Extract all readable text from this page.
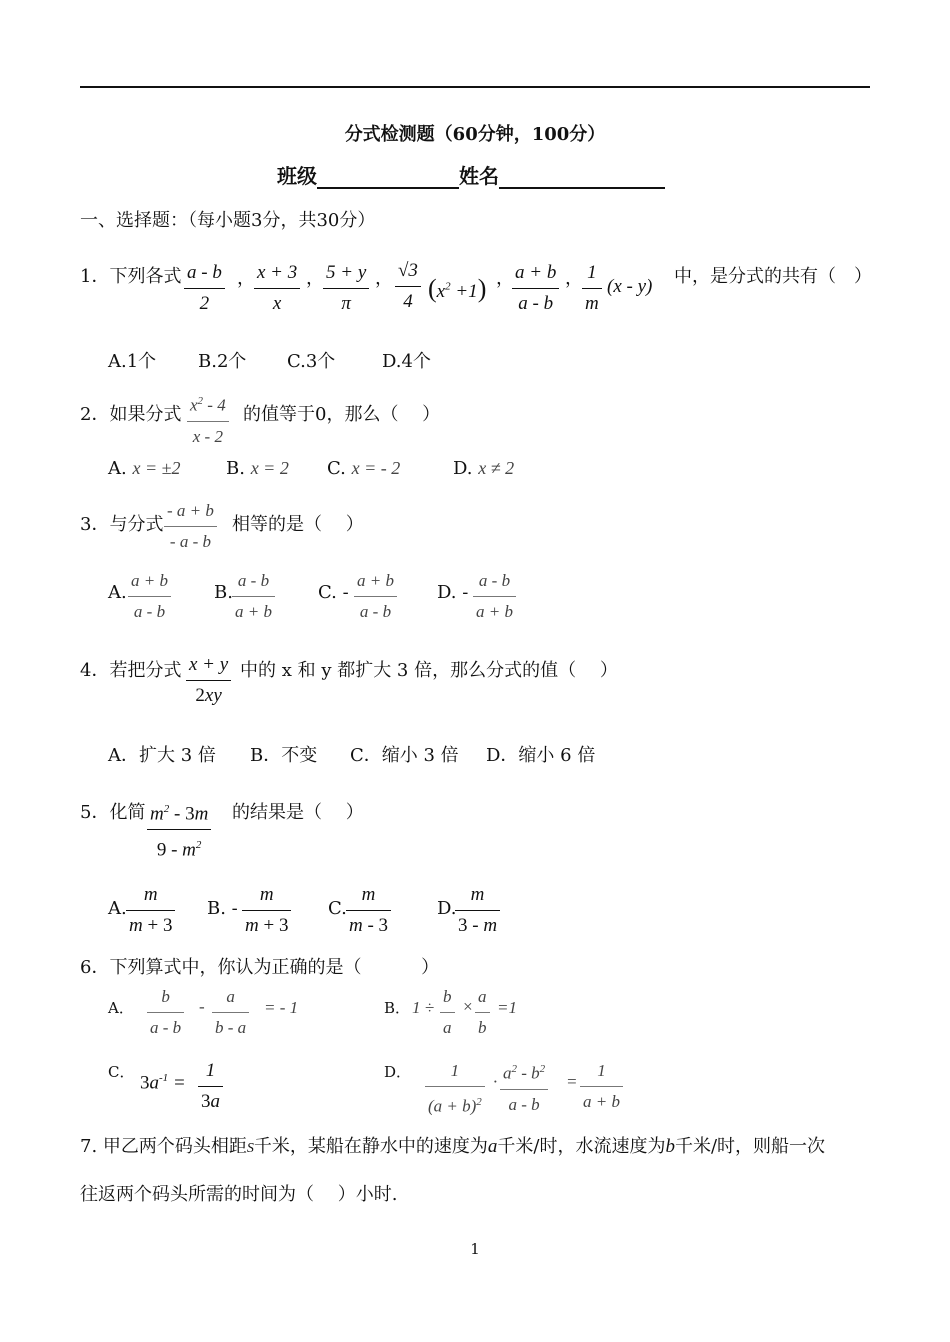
分式检测题（60分钟，100分）
班级	姓名
一、选择题：（每小题3分，共30分）
1．下列各式 a - b
2
， x + 3
x
， 5 + y
π
， √3
4 $(x^2 +1)$ ， a + b
a - b
， 1
m
(x - y) 中，是分式的共有（　）
A.1个 B.2个 C.3个	D.4个
2．如果分式 $x^2 - 4$
x - 2
的值等于0，那么（　 ）
A. x = ±2	B. x = 2 C. x = - 2	D. x ≠ 2
3．与分式
- a + b
- a - b
相等的是（　 ）
A.
a + b
a - b
B.
a - b
a + b
C. -
a + b
a - b
D. -
a - b
a + b
4．若把分式 x + y
2xy
中的 x 和 y 都扩大 3 倍，那么分式的值（　 ）
A．扩大 3 倍 B．不变 C．缩小 3 倍 D．缩小 6 倍
5．化简 $m^2 - 3m$
$9 - m^2$
的结果是（　 ）
A.
m
m + 3
B. -
m
m + 3
C.
m
m - 3
D.
m
3 - m
6．下列算式中，你认为正确的是（　　　 ）
A．
b
a - b
-
a
b - a
= - 1	B． 1 ÷
b
a
×
a
b
=1
C．
$3a^{-1}$ =
1
3a
D． 1
$(a + b)^2$
· $a^2 - b^2$
a - b
=
1
a + b
7. 甲乙两个码头相距S千米，某船在静水中的速度为a千米/时，水流速度为b千米/时，则船一次
往返两个码头所需的时间为（　 ）小时.
1
